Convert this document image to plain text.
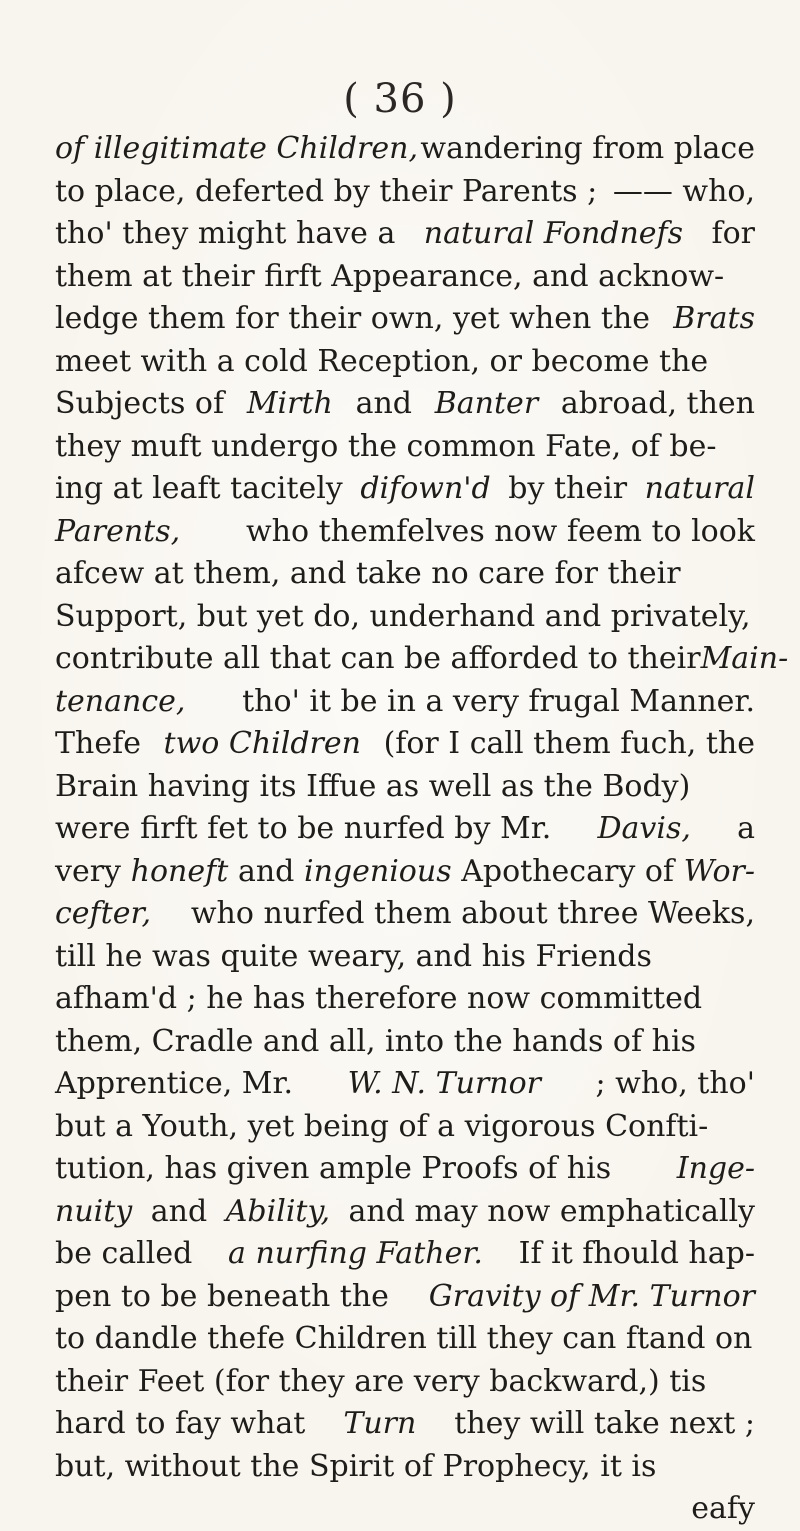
( 36 )
of illegitimate Children, wandering from place
to place, deferted by their Parents ; —— who,
tho' they might have a natural Fondnefs for
them at their firft Appearance, and acknow-
ledge them for their own, yet when the Brats
meet with a cold Reception, or become the
Subjects of Mirth and Banter abroad, then
they muft undergo the common Fate, of be-
ing at leaft tacitely difown'd by their natural
Parents, who themfelves now feem to look
afcew at them, and take no care for their
Support, but yet do, underhand and privately,
contribute all that can be afforded to their Main-
tenance, tho' it be in a very frugal Manner.
Thefe two Children (for I call them fuch, the
Brain having its Iffue as well as the Body)
were firft fet to be nurfed by Mr. Davis, a
very honeft and ingenious Apothecary of Wor-
cefter, who nurfed them about three Weeks,
till he was quite weary, and his Friends
afham'd ; he has therefore now committed
them, Cradle and all, into the hands of his
Apprentice, Mr. W. N. Turnor ; who, tho'
but a Youth, yet being of a vigorous Confti-
tution, has given ample Proofs of his Inge-
nuity and Ability, and may now emphatically
be called a nurfing Father. If it fhould hap-
pen to be beneath the Gravity of Mr. Turnor
to dandle thefe Children till they can ftand on
their Feet (for they are very backward,) tis
hard to fay what Turn they will take next ;
but, without the Spirit of Prophecy, it is
eafy
